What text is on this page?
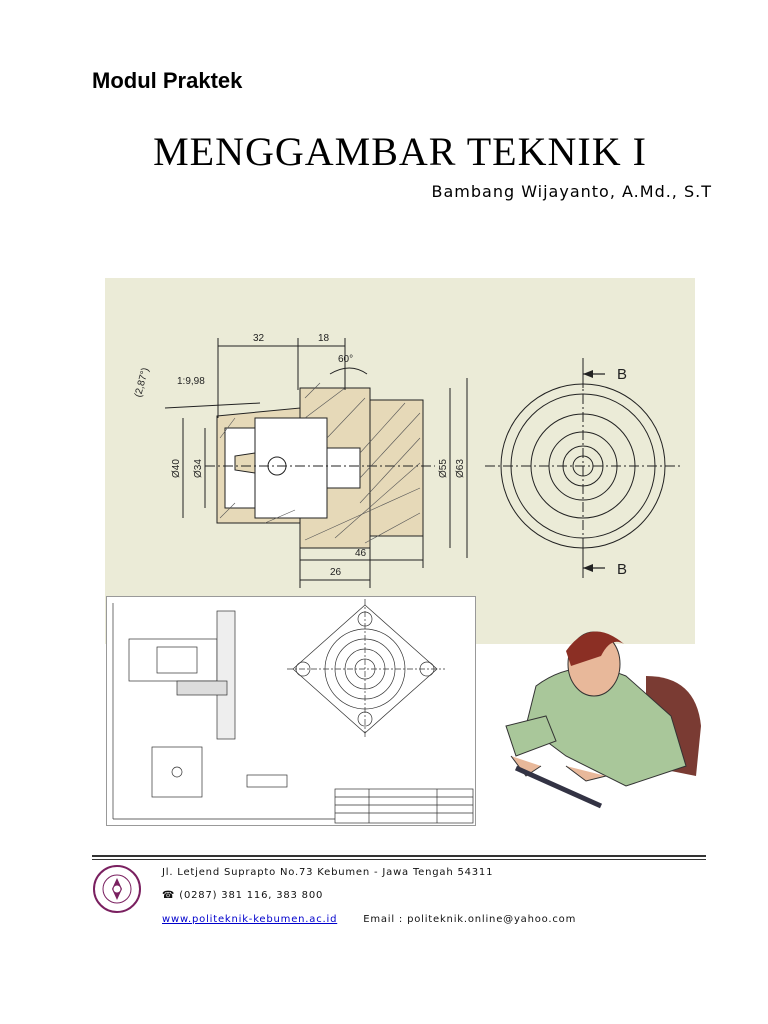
Modul Praktek
MENGGAMBAR TEKNIK I
Bambang Wijayanto, A.Md., S.T
32	18
60°
(2,87°)	1:9,98
Ø40 Ø34	Ø55 Ø63
26
46
B
B
Jl. Letjend Suprapto No.73 Kebumen - Jawa Tengah 54311
☎ (0287) 381 116, 383 800
www.politeknik-kebumen.ac.id	Email : politeknik.online@yahoo.com
